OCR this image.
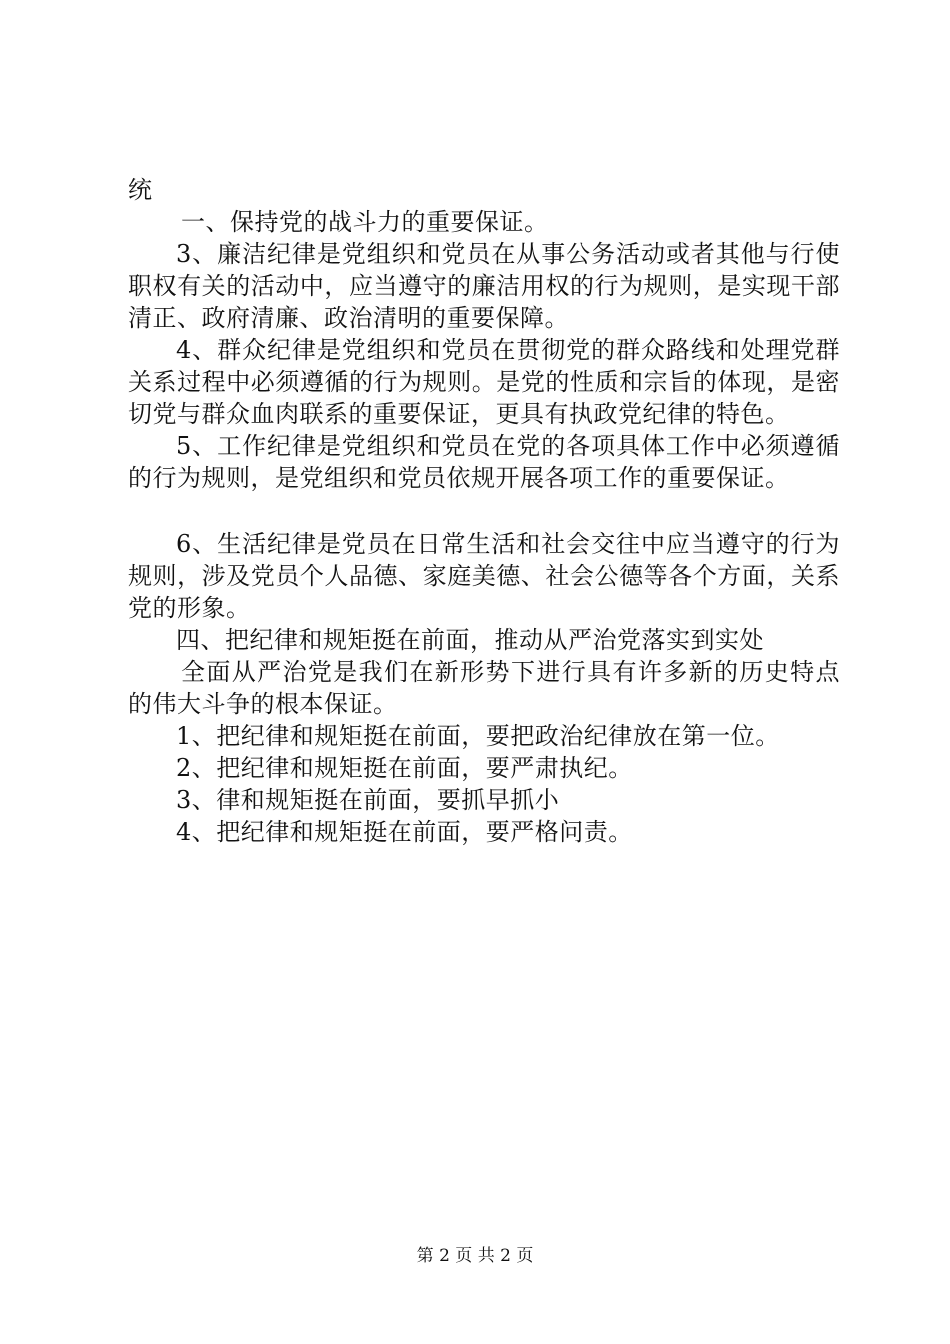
统

一、保持党的战斗力的重要保证。

3、廉洁纪律是党组织和党员在从事公务活动或者其他与行使职权有关的活动中，应当遵守的廉洁用权的行为规则，是实现干部清正、政府清廉、政治清明的重要保障。

4、群众纪律是党组织和党员在贯彻党的群众路线和处理党群关系过程中必须遵循的行为规则。是党的性质和宗旨的体现，是密切党与群众血肉联系的重要保证，更具有执政党纪律的特色。

5、工作纪律是党组织和党员在党的各项具体工作中必须遵循的行为规则，是党组织和党员依规开展各项工作的重要保证。

6、生活纪律是党员在日常生活和社会交往中应当遵守的行为规则，涉及党员个人品德、家庭美德、社会公德等各个方面，关系党的形象。

四、把纪律和规矩挺在前面，推动从严治党落实到实处

全面从严治党是我们在新形势下进行具有许多新的历史特点的伟大斗争的根本保证。

1、把纪律和规矩挺在前面，要把政治纪律放在第一位。

2、把纪律和规矩挺在前面，要严肃执纪。

3、律和规矩挺在前面，要抓早抓小

4、把纪律和规矩挺在前面，要严格问责。

第 2 页 共 2 页
